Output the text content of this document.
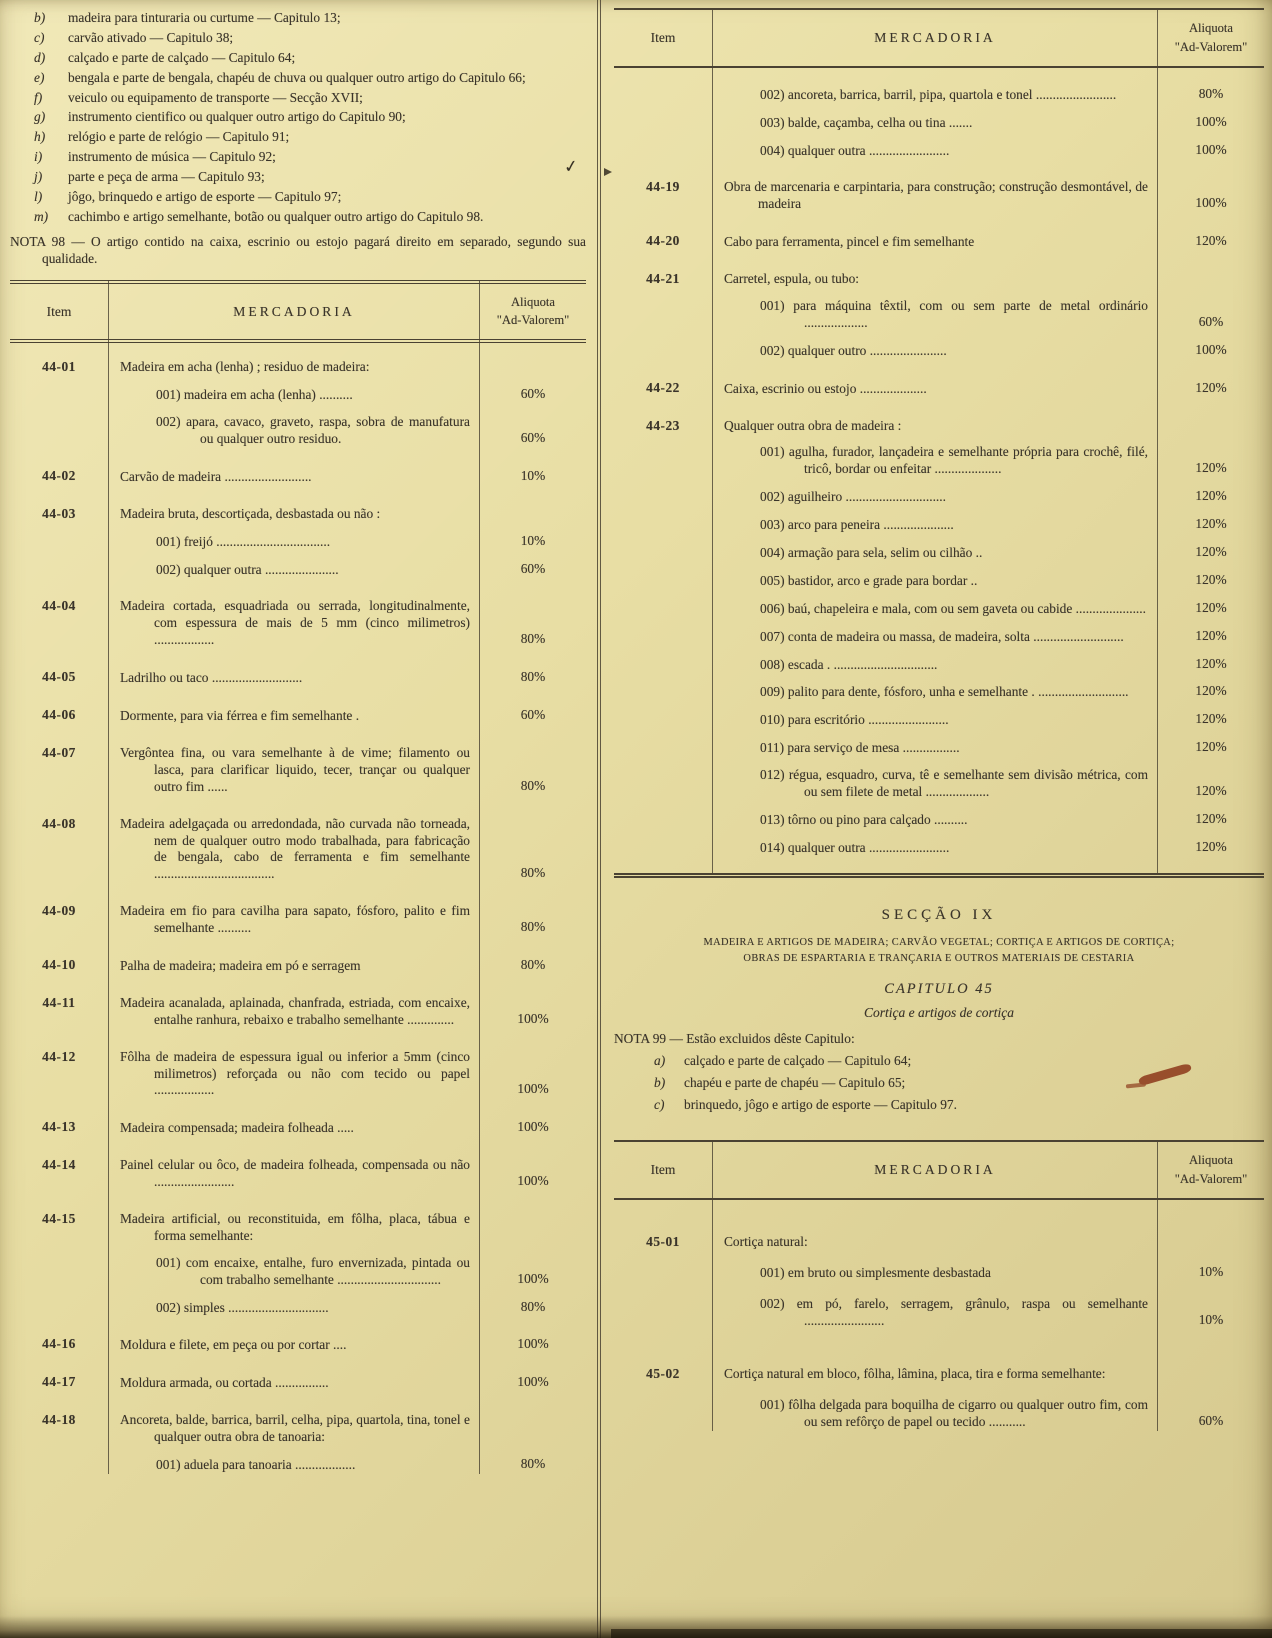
b)	madeira para tinturaria ou curtume — Capitulo 13;
c)	carvão ativado — Capitulo 38;
d)	calçado e parte de calçado — Capitulo 64;
e)	bengala e parte de bengala, chapéu de chuva ou qualquer outro artigo do Capitulo 66;
f)	veiculo ou equipamento de transporte — Secção XVII;
g)	instrumento cientifico ou qualquer outro artigo do Capitulo 90;
h)	relógio e parte de relógio — Capitulo 91;
i)	instrumento de música — Capitulo 92;
j)	parte e peça de arma — Capitulo 93;
l)	jôgo, brinquedo e artigo de esporte — Capitulo 97;
m)	cachimbo e artigo semelhante, botão ou qualquer outro artigo do Capitulo 98.

NOTA 98 — O artigo contido na caixa, escrinio ou estojo pagará direito em separado, segundo sua qualidade.

Item	MERCADORIA
Aliquota
"Ad-Valorem"
44-01	Madeira em acha (lenha) ; residuo de madeira:
001) madeira em acha (lenha) ..........	60%
002) apara, cavaco, graveto, raspa, sobra de manufatura ou qualquer outro residuo.	60%
44-02	Carvão de madeira ..........................	10%
44-03	Madeira bruta, descortiçada, desbastada ou não :
001) freijó ..................................	10%
002) qualquer outra ......................	60%
44-04	Madeira cortada, esquadriada ou serrada, longitudinalmente, com espessura de mais de 5 mm (cinco milimetros) ..................	80%
44-05	Ladrilho ou taco ...........................	80%
44-06	Dormente, para via férrea e fim semelhante .	60%
44-07	Vergôntea fina, ou vara semelhante à de vime; filamento ou lasca, para clarificar liquido, tecer, trançar ou qualquer outro fim ......	80%
44-08	Madeira adelgaçada ou arredondada, não curvada não torneada, nem de qualquer outro modo trabalhada, para fabricação de bengala, cabo de ferramenta e fim semelhante ....................................	80%
44-09	Madeira em fio para cavilha para sapato, fósforo, palito e fim semelhante ..........	80%
44-10	Palha de madeira; madeira em pó e serragem	80%
44-11	Madeira acanalada, aplainada, chanfrada, estriada, com encaixe, entalhe ranhura, rebaixo e trabalho semelhante ..............	100%
44-12	Fôlha de madeira de espessura igual ou inferior a 5mm (cinco milimetros) reforçada ou não com tecido ou papel ..................	100%
44-13	Madeira compensada; madeira folheada .....	100%
44-14	Painel celular ou ôco, de madeira folheada, compensada ou não ........................	100%
44-15	Madeira artificial, ou reconstituida, em fôlha, placa, tábua e forma semelhante:
001) com encaixe, entalhe, furo envernizada, pintada ou com trabalho semelhante ...............................	100%
002) simples ..............................	80%
44-16	Moldura e filete, em peça ou por cortar ....	100%
44-17	Moldura armada, ou cortada ................	100%
44-18	Ancoreta, balde, barrica, barril, celha, pipa, quartola, tina, tonel e qualquer outra obra de tanoaria:
001) aduela para tanoaria ..................	80%
Item	MERCADORIA
Aliquota
"Ad-Valorem"
002) ancoreta, barrica, barril, pipa, quartola e tonel ........................	80%
003) balde, caçamba, celha ou tina .......	100%
004) qualquer outra ........................	100%
44-19	Obra de marcenaria e carpintaria, para construção; construção desmontável, de madeira	100%
44-20	Cabo para ferramenta, pincel e fim semelhante	120%
44-21	Carretel, espula, ou tubo:
001) para máquina têxtil, com ou sem parte de metal ordinário ...................	60%
002) qualquer outro .......................	100%
44-22	Caixa, escrinio ou estojo ....................	120%
44-23	Qualquer outra obra de madeira :
001) agulha, furador, lançadeira e semelhante própria para crochê, filé, tricô, bordar ou enfeitar ....................	120%
002) aguilheiro ..............................	120%
003) arco para peneira .....................	120%
004) armação para sela, selim ou cilhão ..	120%
005) bastidor, arco e grade para bordar ..	120%
006) baú, chapeleira e mala, com ou sem gaveta ou cabide .....................	120%
007) conta de madeira ou massa, de madeira, solta ...........................	120%
008) escada . ...............................	120%
009) palito para dente, fósforo, unha e semelhante . ...........................	120%
010) para escritório ........................	120%
011) para serviço de mesa .................	120%
012) régua, esquadro, curva, tê e semelhante sem divisão métrica, com ou sem filete de metal ...................	120%
013) tôrno ou pino para calçado ..........	120%
014) qualquer outra ........................	120%
SECÇÃO IX
MADEIRA E ARTIGOS DE MADEIRA; CARVÃO VEGETAL; CORTIÇA E ARTIGOS DE CORTIÇA;
OBRAS DE ESPARTARIA E TRANÇARIA E OUTROS MATERIAIS DE CESTARIA
CAPITULO 45
Cortiça e artigos de cortiça
NOTA 99 — Estão excluidos dêste Capitulo:
a)	calçado e parte de calçado — Capitulo 64;
b)	chapéu e parte de chapéu — Capitulo 65;
c)	brinquedo, jôgo e artigo de esporte — Capitulo 97.
Item	MERCADORIA
Aliquota
"Ad-Valorem"
45-01	Cortiça natural:
001) em bruto ou simplesmente desbastada	10%
002) em pó, farelo, serragem, grânulo, raspa ou semelhante ........................	10%
45-02	Cortiça natural em bloco, fôlha, lâmina, placa, tira e forma semelhante:
001) fôlha delgada para boquilha de cigarro ou qualquer outro fim, com ou sem refôrço de papel ou tecido ...........	60%
✓
